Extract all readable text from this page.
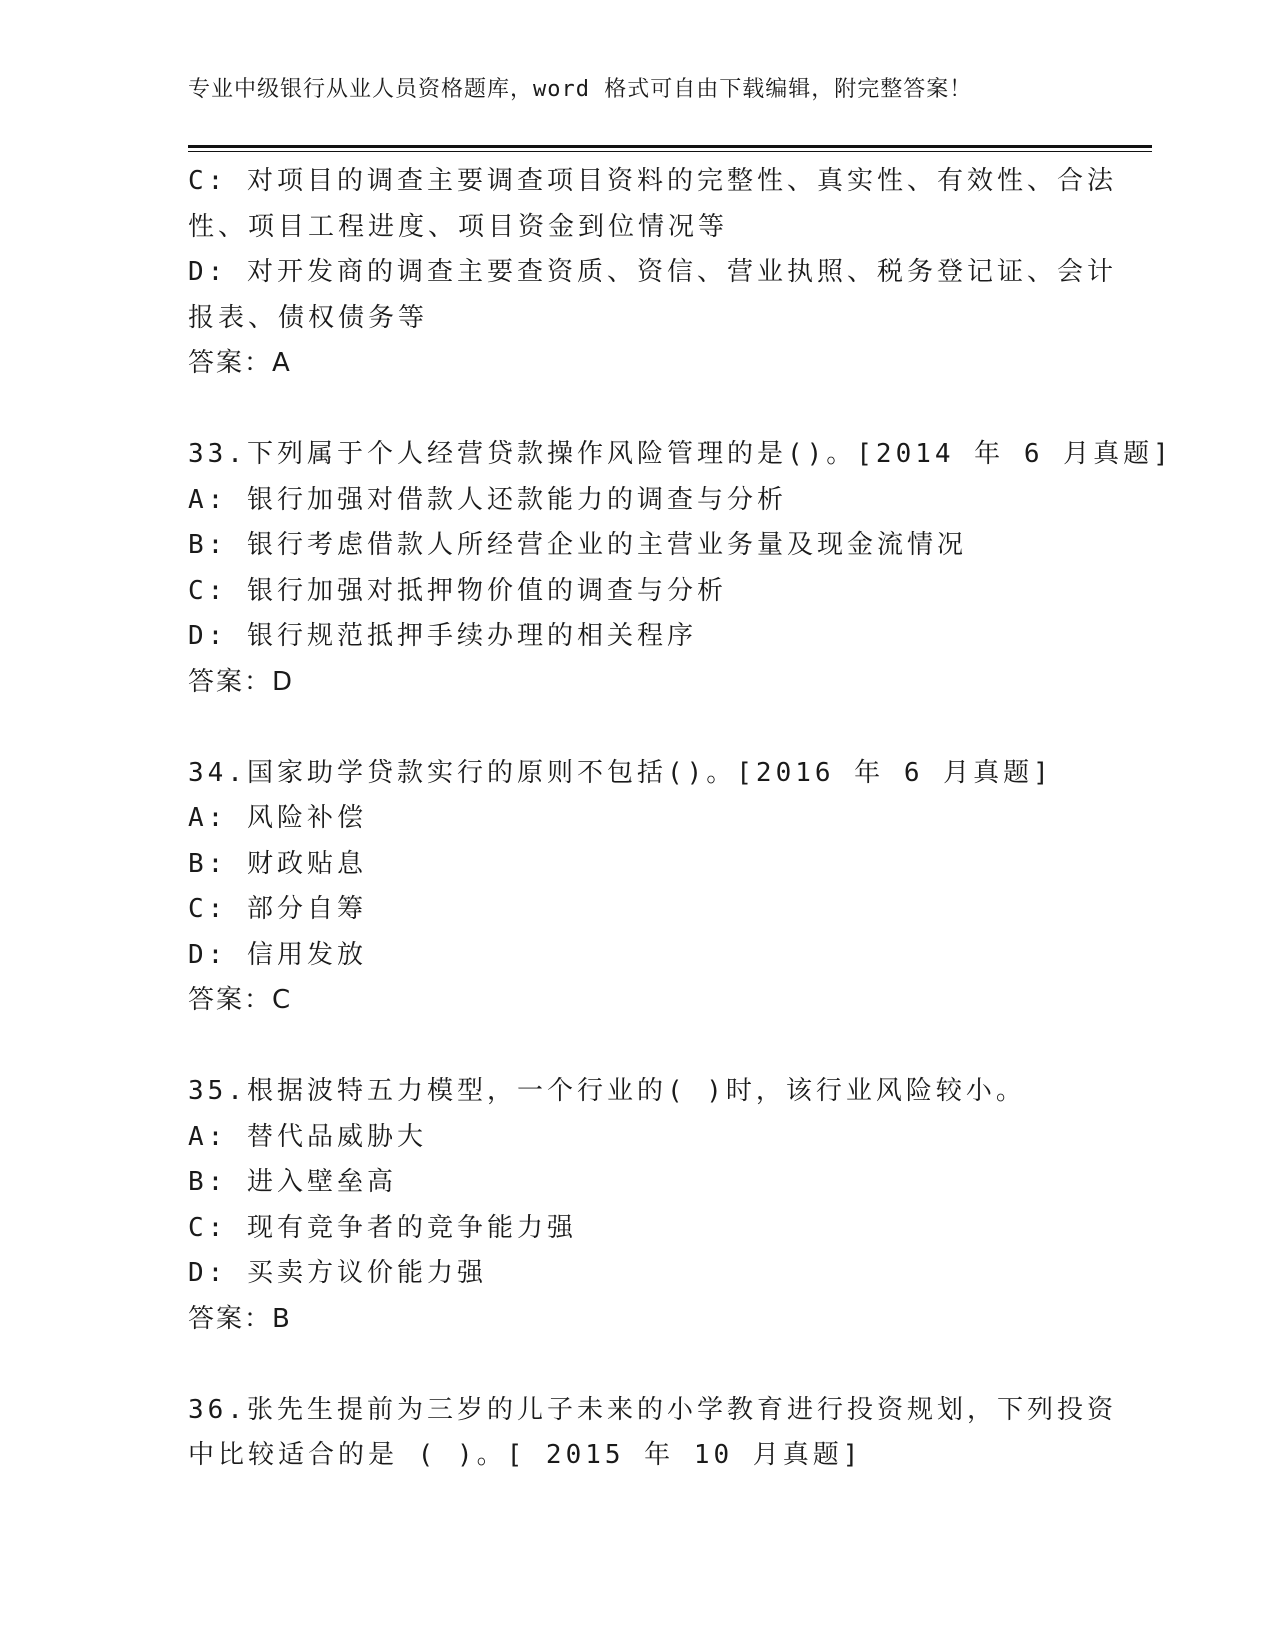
专业中级银行从业人员资格题库，word 格式可自由下载编辑，附完整答案！
C: 对项目的调查主要调查项目资料的完整性、真实性、有效性、合法
性、项目工程进度、项目资金到位情况等
D: 对开发商的调查主要查资质、资信、营业执照、税务登记证、会计
报表、债权债务等
答案：A
33.下列属于个人经营贷款操作风险管理的是()。[2014 年 6 月真题]
A: 银行加强对借款人还款能力的调查与分析
B: 银行考虑借款人所经营企业的主营业务量及现金流情况
C: 银行加强对抵押物价值的调查与分析
D: 银行规范抵押手续办理的相关程序
答案：D
34.国家助学贷款实行的原则不包括()。[2016 年 6 月真题]
A: 风险补偿
B: 财政贴息
C: 部分自筹
D: 信用发放
答案：C
35.根据波特五力模型，一个行业的( )时，该行业风险较小。
A: 替代品威胁大
B: 进入壁垒高
C: 现有竞争者的竞争能力强
D: 买卖方议价能力强
答案：B
36.张先生提前为三岁的儿子未来的小学教育进行投资规划，下列投资
中比较适合的是 ( )。[ 2015 年 10 月真题]
